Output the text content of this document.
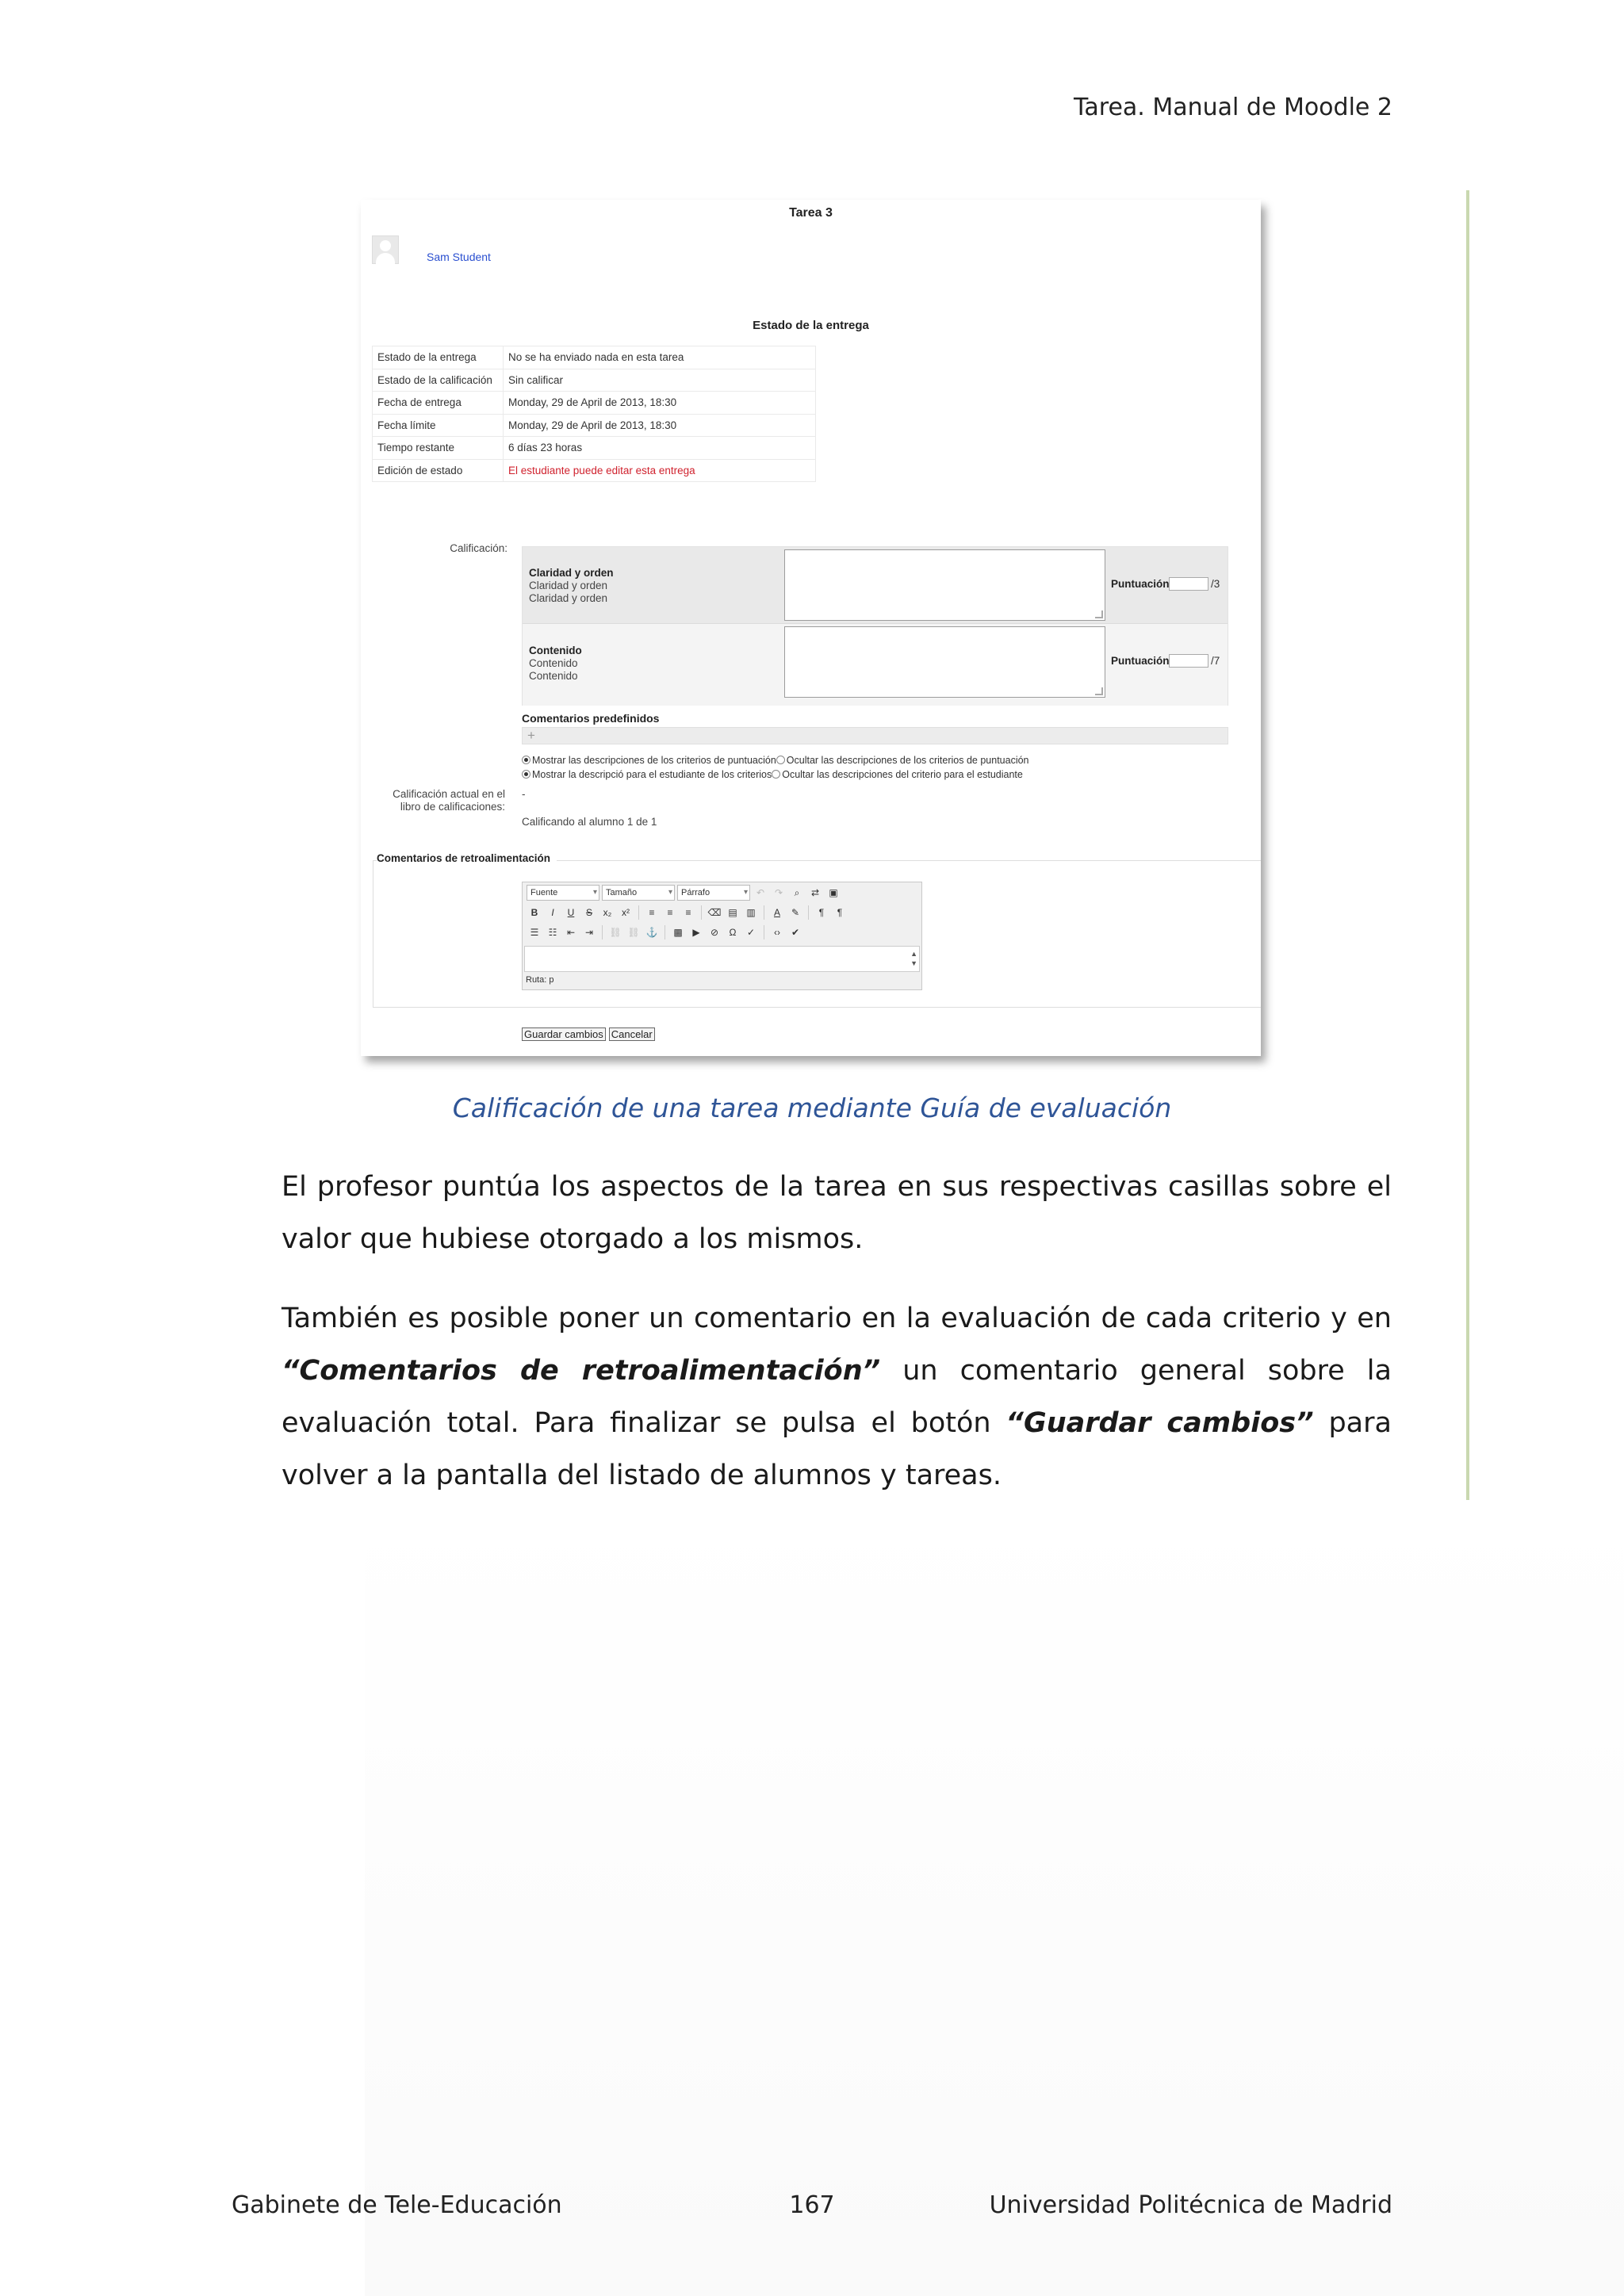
Tarea. Manual de Moodle 2
Tarea 3
Sam Student
Estado de la entrega
Estado de la entrega	No se ha enviado nada en esta tarea
Estado de la calificación	Sin calificar
Fecha de entrega	Monday, 29 de April de 2013, 18:30
Fecha límite	Monday, 29 de April de 2013, 18:30
Tiempo restante	6 días 23 horas
Edición de estado	El estudiante puede editar esta entrega
Calificación:
Claridad y orden
Claridad y orden
Claridad y orden
Puntuación	/3
Contenido
Contenido
Contenido
Puntuación	/7
Comentarios predefinidos
+
Mostrar las descripciones de los criterios de puntuación Ocultar las descripciones de los criterios de puntuación
Mostrar la descripció para el estudiante de los criterios Ocultar las descripciones del criterio para el estudiante
Calificación actual en el
libro de calificaciones:
-
Calificando al alumno 1 de 1
Comentarios de retroalimentación
Fuente ▾	Tamaño ▾	Párrafo ▾	↶	↷	⌕	⇄	▣
B	I	U	S	x₂	x²	≡	≡	≡	⌫ ▤ ▥	A	✎	¶	¶
☰	☷	⇤	⇥	⛓ ⛓ ⚓	▩	▶	⊘	Ω	✓	‹›	✔
▲
▼
Ruta: p
Guardar cambios Cancelar
Calificación de una tarea mediante Guía de evaluación
El profesor puntúa los aspectos de la tarea en sus respectivas casillas sobre el valor que hubiese otorgado a los mismos.
También es posible poner un comentario en la evaluación de cada criterio y en “Comentarios de retroalimentación” un comentario general sobre la evaluación total. Para finalizar se pulsa el botón “Guardar cambios” para volver a la pantalla del listado de alumnos y tareas.
Gabinete de Tele-Educación	167	Universidad Politécnica de Madrid
